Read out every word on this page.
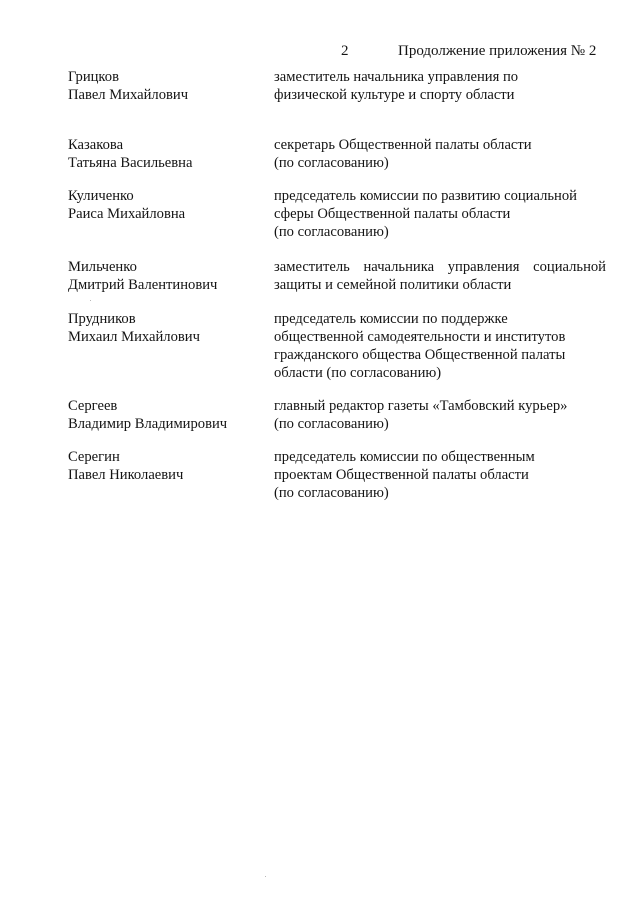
2	Продолжение приложения № 2
Грицков
Павел Михайлович
заместитель начальника управления по
физической культуре и спорту области
Казакова
Татьяна Васильевна
секретарь Общественной палаты области
(по согласованию)
Куличенко
Раиса Михайловна
председатель комиссии по развитию социальной
сферы Общественной палаты области
(по согласованию)
Мильченко
Дмитрий Валентинович
заместитель начальника управления социальной
защиты и семейной политики области
Прудников
Михаил Михайлович
председатель комиссии по поддержке
общественной самодеятельности и институтов
гражданского общества Общественной палаты
области (по согласованию)
Сергеев
Владимир Владимирович
главный редактор газеты «Тамбовский курьер»
(по согласованию)
Серегин
Павел Николаевич
председатель комиссии по общественным
проектам Общественной палаты области
(по согласованию)
